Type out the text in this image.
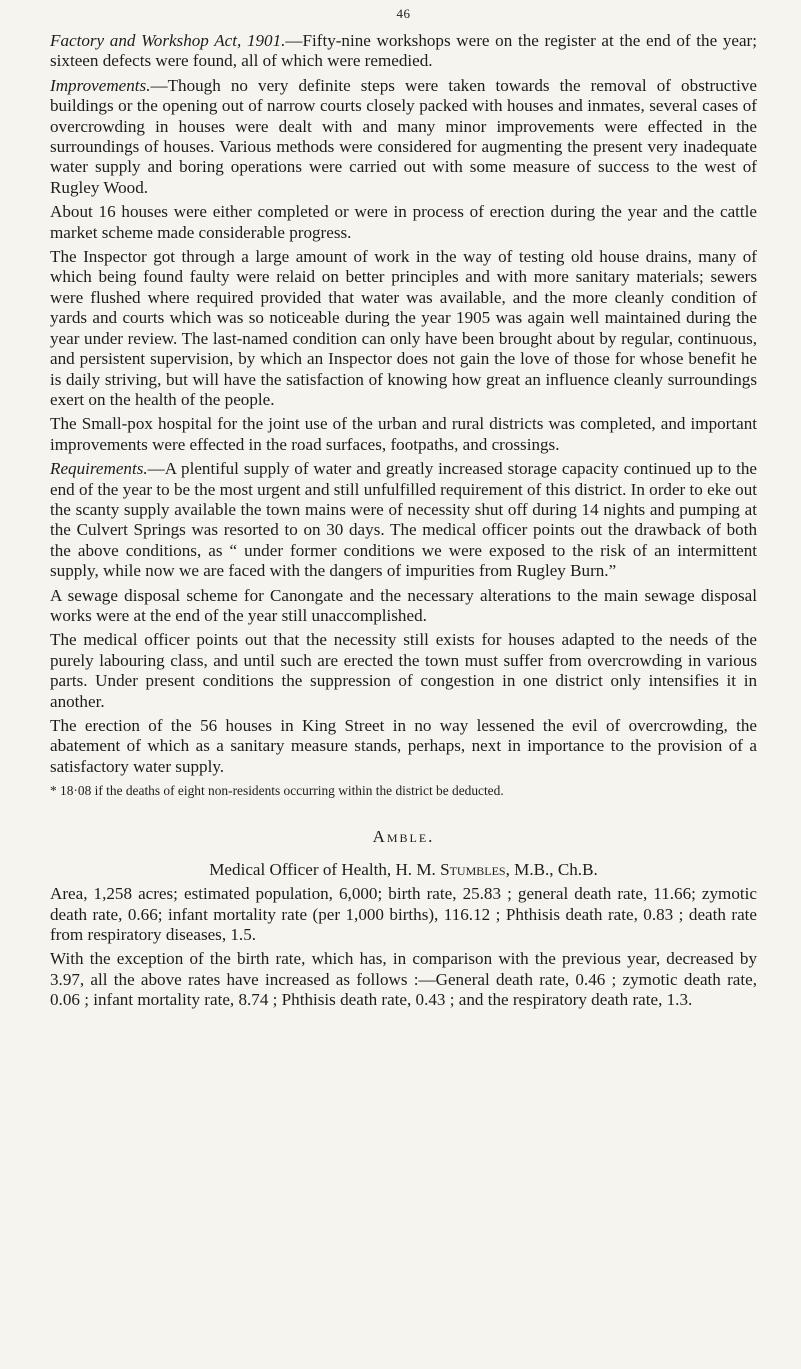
46

Factory and Workshop Act, 1901.—Fifty-nine workshops were on the register at the end of the year; sixteen defects were found, all of which were remedied.

Improvements.—Though no very definite steps were taken towards the removal of obstructive buildings or the opening out of narrow courts closely packed with houses and inmates, several cases of overcrowding in houses were dealt with and many minor improvements were effected in the surroundings of houses. Various methods were considered for augmenting the present very inadequate water supply and boring operations were carried out with some measure of success to the west of Rugley Wood.

About 16 houses were either completed or were in process of erection during the year and the cattle market scheme made considerable progress.

The Inspector got through a large amount of work in the way of testing old house drains, many of which being found faulty were relaid on better principles and with more sanitary materials; sewers were flushed where required provided that water was available, and the more cleanly condition of yards and courts which was so noticeable during the year 1905 was again well maintained during the year under review. The last-named condition can only have been brought about by regular, continuous, and persistent supervision, by which an Inspector does not gain the love of those for whose benefit he is daily striving, but will have the satisfaction of knowing how great an influence cleanly surroundings exert on the health of the people.

The Small-pox hospital for the joint use of the urban and rural districts was completed, and important improvements were effected in the road surfaces, footpaths, and crossings.

Requirements.—A plentiful supply of water and greatly increased storage capacity continued up to the end of the year to be the most urgent and still unfulfilled requirement of this district. In order to eke out the scanty supply available the town mains were of necessity shut off during 14 nights and pumping at the Culvert Springs was resorted to on 30 days. The medical officer points out the drawback of both the above conditions, as “ under former conditions we were exposed to the risk of an intermittent supply, while now we are faced with the dangers of impurities from Rugley Burn.”

A sewage disposal scheme for Canongate and the necessary alterations to the main sewage disposal works were at the end of the year still unaccomplished.

The medical officer points out that the necessity still exists for houses adapted to the needs of the purely labouring class, and until such are erected the town must suffer from overcrowding in various parts. Under present conditions the suppression of congestion in one district only intensifies it in another.

The erection of the 56 houses in King Street in no way lessened the evil of overcrowding, the abatement of which as a sanitary measure stands, perhaps, next in importance to the provision of a satisfactory water supply.

* 18·08 if the deaths of eight non-residents occurring within the district be deducted.

Amble.
Medical Officer of Health, H. M. Stumbles, M.B., Ch.B.

Area, 1,258 acres; estimated population, 6,000; birth rate, 25.83 ; general death rate, 11.66; zymotic death rate, 0.66; infant mortality rate (per 1,000 births), 116.12 ; Phthisis death rate, 0.83 ; death rate from respiratory diseases, 1.5.

With the exception of the birth rate, which has, in comparison with the previous year, decreased by 3.97, all the above rates have increased as follows :—General death rate, 0.46 ; zymotic death rate, 0.06 ; infant mortality rate, 8.74 ; Phthisis death rate, 0.43 ; and the respiratory death rate, 1.3.
